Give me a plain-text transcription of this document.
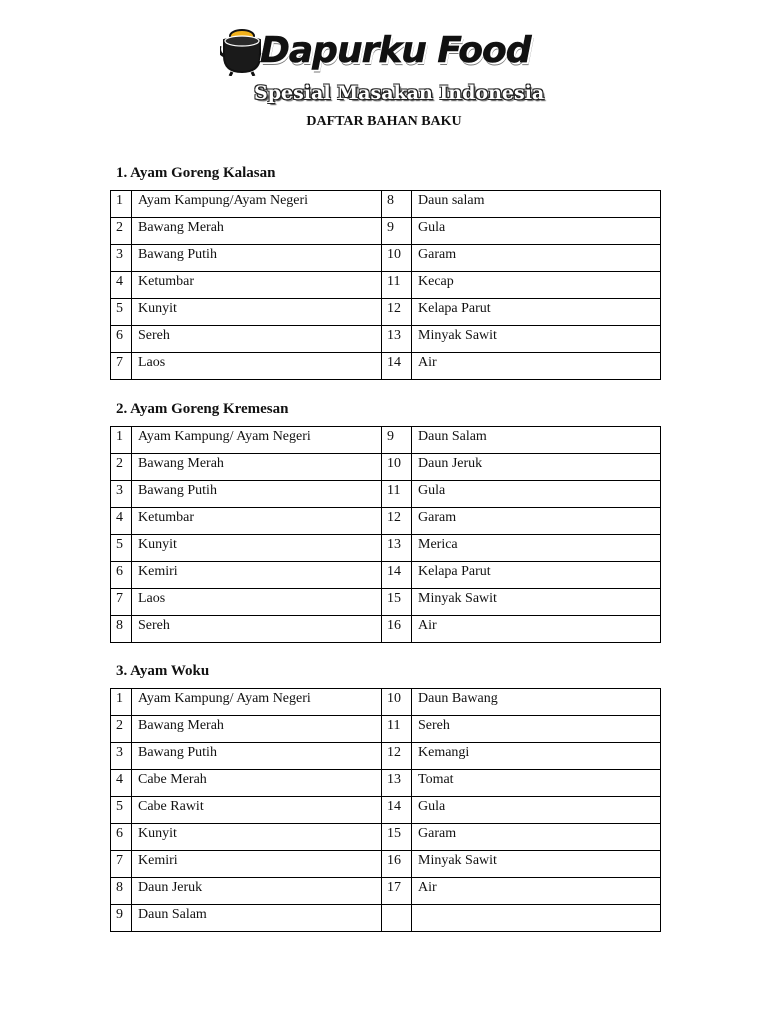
Dapurku Food
Spesial Masakan Indonesia
DAFTAR BAHAN BAKU
1. Ayam Goreng Kalasan
1	Ayam Kampung/Ayam Negeri	8	Daun salam
2	Bawang Merah	9	Gula
3	Bawang Putih	10	Garam
4	Ketumbar	11	Kecap
5	Kunyit	12	Kelapa Parut
6	Sereh	13	Minyak Sawit
7	Laos	14	Air
2. Ayam Goreng Kremesan
1	Ayam Kampung/ Ayam Negeri	9	Daun Salam
2	Bawang Merah	10	Daun Jeruk
3	Bawang Putih	11	Gula
4	Ketumbar	12	Garam
5	Kunyit	13	Merica
6	Kemiri	14	Kelapa Parut
7	Laos	15	Minyak Sawit
8	Sereh	16	Air
3. Ayam Woku
1	Ayam Kampung/ Ayam Negeri	10	Daun Bawang
2	Bawang Merah	11	Sereh
3	Bawang Putih	12	Kemangi
4	Cabe Merah	13	Tomat
5	Cabe Rawit	14	Gula
6	Kunyit	15	Garam
7	Kemiri	16	Minyak Sawit
8	Daun Jeruk	17	Air
9	Daun Salam		
